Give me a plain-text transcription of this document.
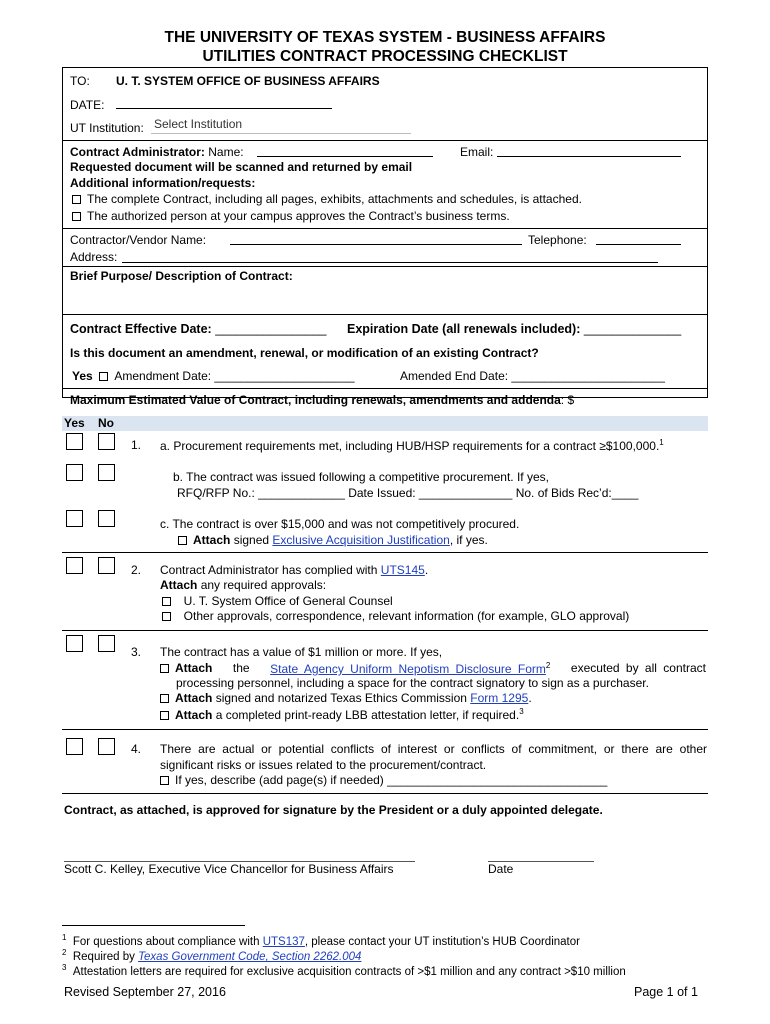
THE UNIVERSITY OF TEXAS SYSTEM - BUSINESS AFFAIRS
UTILITIES CONTRACT PROCESSING CHECKLIST
TO: U. T. SYSTEM OFFICE OF BUSINESS AFFAIRS
DATE:
UT Institution: Select Institution
Contract Administrator: Name:	Email:
Requested document will be scanned and returned by email
Additional information/requests:
The complete Contract, including all pages, exhibits, attachments and schedules, is attached.
The authorized person at your campus approves the Contract’s business terms.
Contractor/Vendor Name:	Telephone:
Address:
Brief Purpose/ Description of Contract:
Contract Effective Date: ________________ Expiration Date (all renewals included): ______________
Is this document an amendment, renewal, or modification of an existing Contract?
Yes Amendment Date: _____________________	Amended End Date: _______________________
Maximum Estimated Value of Contract, including renewals, amendments and addenda: $
Yes No
1. a. Procurement requirements met, including HUB/HSP requirements for a contract ≥$100,000.$^1$
b. The contract was issued following a competitive procurement. If yes,
RFQ/RFP No.: _____________ Date Issued: ______________ No. of Bids Rec’d:____
c. The contract is over $15,000 and was not competitively procured.
Attach signed Exclusive Acquisition Justification, if yes.
2. Contract Administrator has complied with UTS145.
Attach any required approvals:
U. T. System Office of General Counsel
Other approvals, correspondence, relevant information (for example, GLO approval)
3. The contract has a value of $1 million or more. If yes,
Attach the State Agency Uniform Nepotism Disclosure Form$^2$ executed by all contract
processing personnel, including a space for the contract signatory to sign as a purchaser.
Attach signed and notarized Texas Ethics Commission Form 1295.
Attach a completed print-ready LBB attestation letter, if required.$^3$
4. There are actual or potential conflicts of interest or conflicts of commitment, or there are other
significant risks or issues related to the procurement/contract.
If yes, describe (add page(s) if needed) _________________________________
Contract, as attached, is approved for signature by the President or a duly appointed delegate.
Scott C. Kelley, Executive Vice Chancellor for Business Affairs	Date
$^1$ For questions about compliance with UTS137, please contact your UT institution’s HUB Coordinator
$^2$ Required by Texas Government Code, Section 2262.004
$^3$ Attestation letters are required for exclusive acquisition contracts of >$1 million and any contract >$10 million
Revised September 27, 2016	Page 1 of 1
